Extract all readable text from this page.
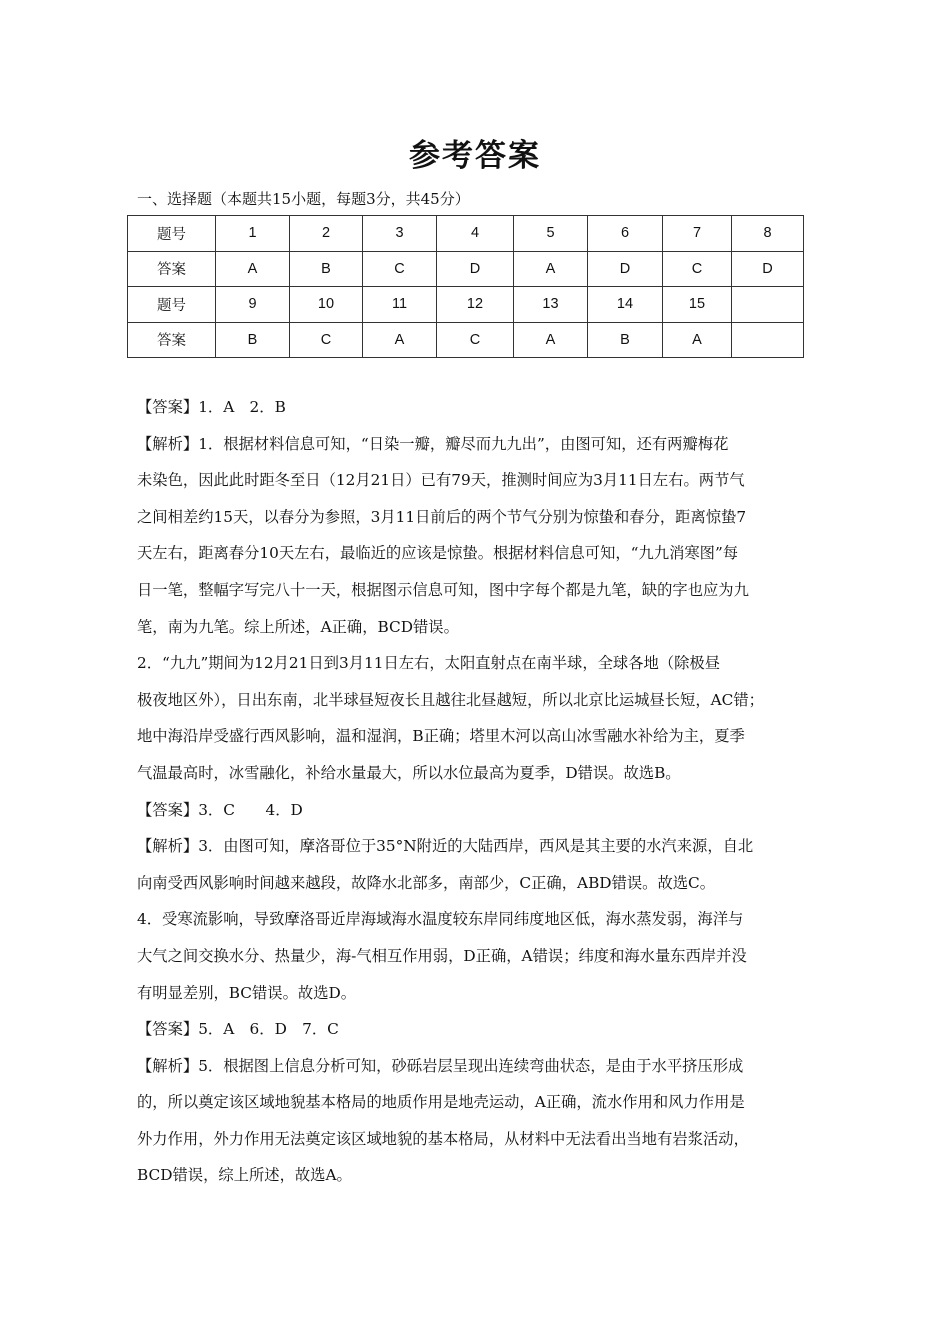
参考答案
一、选择题（本题共15小题，每题3分，共45分）
题号	1	2	3	4	5	6	7	8
答案	A	B	C	D	A	D	C	D
题号	9	10	11	12	13	14	15	
答案	B	C	A	C	A	B	A	
【答案】1．A　2．B
【解析】1．根据材料信息可知，“日染一瓣，瓣尽而九九出”，由图可知，还有两瓣梅花
未染色，因此此时距冬至日（12月21日）已有79天，推测时间应为3月11日左右。两节气
之间相差约15天，以春分为参照，3月11日前后的两个节气分别为惊蛰和春分，距离惊蛰7
天左右，距离春分10天左右，最临近的应该是惊蛰。根据材料信息可知，“九九消寒图”每
日一笔，整幅字写完八十一天，根据图示信息可知，图中字每个都是九笔，缺的字也应为九
笔，南为九笔。综上所述，A正确，BCD错误。
2．“九九”期间为12月21日到3月11日左右，太阳直射点在南半球，全球各地（除极昼
极夜地区外），日出东南，北半球昼短夜长且越往北昼越短，所以北京比运城昼长短，AC错；
地中海沿岸受盛行西风影响，温和湿润，B正确；塔里木河以高山冰雪融水补给为主，夏季
气温最高时，冰雪融化，补给水量最大，所以水位最高为夏季，D错误。故选B。
【答案】3．C　　4．D
【解析】3．由图可知，摩洛哥位于35°N附近的大陆西岸，西风是其主要的水汽来源，自北
向南受西风影响时间越来越段，故降水北部多，南部少，C正确，ABD错误。故选C。
4．受寒流影响，导致摩洛哥近岸海域海水温度较东岸同纬度地区低，海水蒸发弱，海洋与
大气之间交换水分、热量少，海-气相互作用弱，D正确，A错误；纬度和海水量东西岸并没
有明显差别，BC错误。故选D。
【答案】5．A　6．D　7．C
【解析】5．根据图上信息分析可知，砂砾岩层呈现出连续弯曲状态，是由于水平挤压形成
的，所以奠定该区域地貌基本格局的地质作用是地壳运动，A正确，流水作用和风力作用是
外力作用，外力作用无法奠定该区域地貌的基本格局，从材料中无法看出当地有岩浆活动，
BCD错误，综上所述，故选A。
